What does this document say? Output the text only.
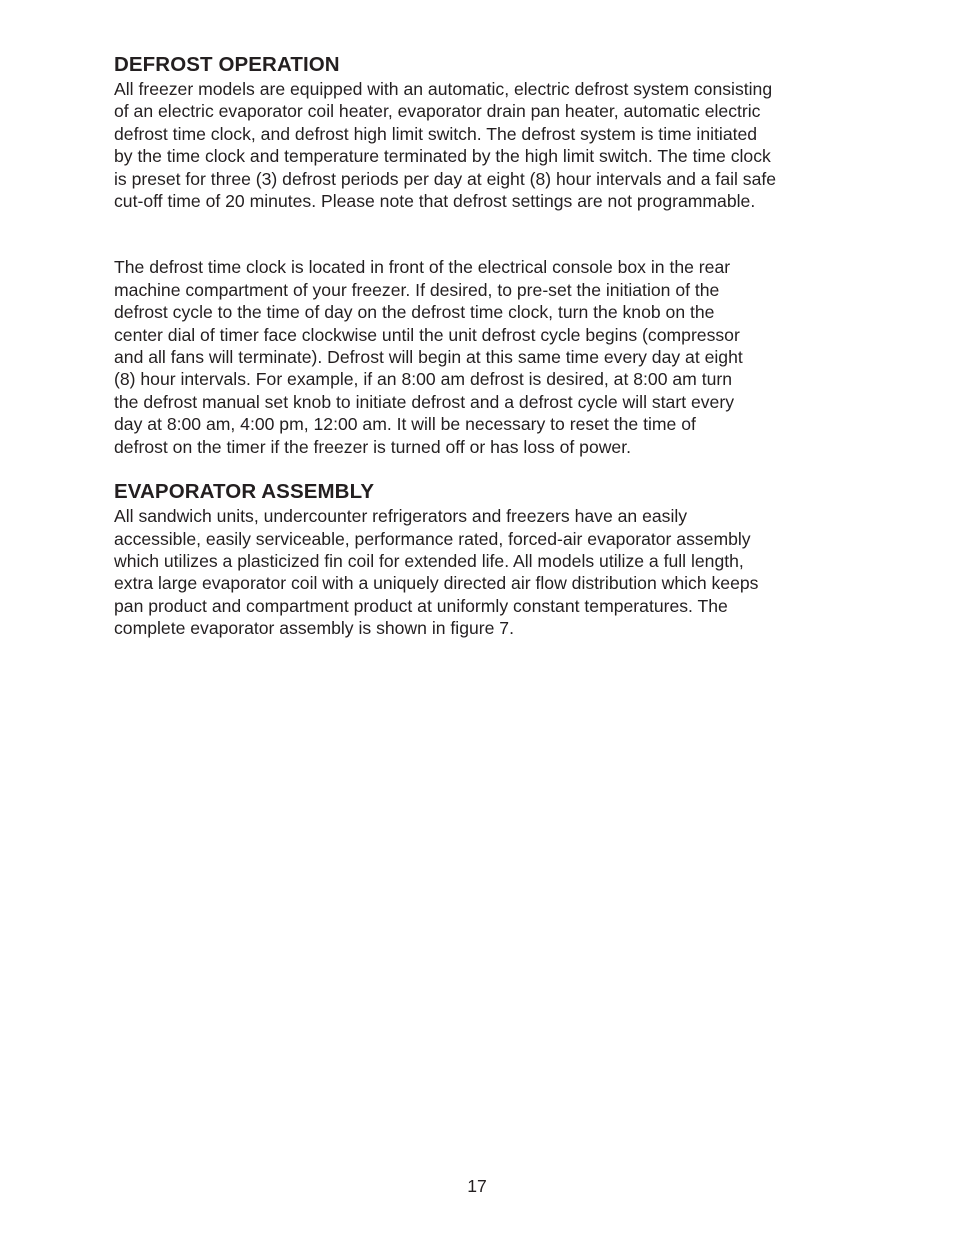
DEFROST OPERATION

All freezer models are equipped with an automatic, electric defrost system consisting
of an electric evaporator coil heater, evaporator drain pan heater, automatic electric
defrost time clock, and defrost high limit switch. The defrost system is time initiated
by the time clock and temperature terminated by the high limit switch. The time clock
is preset for three (3) defrost periods per day at eight (8) hour intervals and a fail safe
cut-off time of 20 minutes. Please note that defrost settings are not programmable.

The defrost time clock is located in front of the electrical console box in the rear
machine compartment of your freezer. If desired, to pre-set the initiation of the
defrost cycle to the time of day on the defrost time clock, turn the knob on the
center dial of timer face clockwise until the unit defrost cycle begins (compressor
and all fans will terminate). Defrost will begin at this same time every day at eight
(8) hour intervals. For example, if an 8:00 am defrost is desired, at 8:00 am turn
the defrost manual set knob to initiate defrost and a defrost cycle will start every
day at 8:00 am, 4:00 pm, 12:00 am. It will be necessary to reset the time of
defrost on the timer if the freezer is turned off or has loss of power.

EVAPORATOR ASSEMBLY

All sandwich units, undercounter refrigerators and freezers have an easily
accessible, easily serviceable, performance rated, forced-air evaporator assembly
which utilizes a plasticized fin coil for extended life. All models utilize a full length,
extra large evaporator coil with a uniquely directed air flow distribution which keeps
pan product and compartment product at uniformly constant temperatures. The
complete evaporator assembly is shown in figure 7.

17
